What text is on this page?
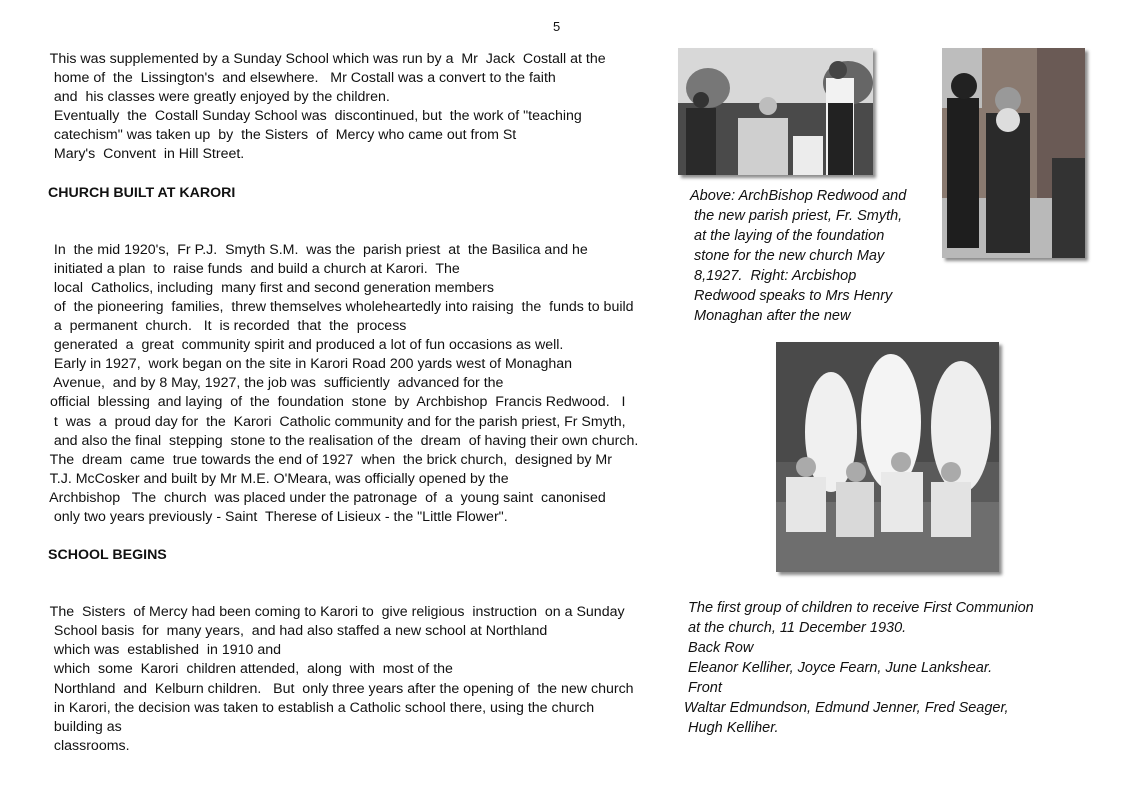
5
This was supplemented by a Sunday School which was run by a  Mr  Jack  Costall at the
home of  the  Lissington's  and elsewhere.   Mr Costall was a convert to the faith
and  his classes were greatly enjoyed by the children.
Eventually  the  Costall Sunday School was  discontinued, but  the work of "teaching
catechism" was taken up  by  the Sisters  of  Mercy who came out from St
Mary's  Convent  in Hill Street.
CHURCH BUILT AT KARORI
In  the mid 1920's,  Fr P.J.  Smyth S.M.  was the  parish priest  at  the Basilica and he
initiated a plan  to  raise funds  and build a church at Karori.  The
local  Catholics, including  many first and second generation members
of  the pioneering  families,  threw themselves wholeheartedly into raising  the  funds to build
a  permanent  church.   It  is recorded  that  the  process
generated  a  great  community spirit and produced a lot of fun occasions as well.
Early in 1927,  work began on the site in Karori Road 200 yards west of Monaghan
Avenue,  and by 8 May, 1927, the job was  sufficiently  advanced for the
official  blessing  and laying  of  the  foundation  stone  by  Archbishop  Francis Redwood.   I
t  was  a  proud day for  the  Karori  Catholic community and for the parish priest, Fr Smyth,
and also the final  stepping  stone to the realisation of the  dream  of having their own church.
The  dream  came  true towards the end of 1927  when  the brick church,  designed by Mr
T.J. McCosker and built by Mr M.E. O'Meara, was officially opened by the
Archbishop   The  church  was placed under the patronage  of  a  young saint  canonised
only two years previously - Saint  Therese of Lisieux - the "Little Flower".
SCHOOL BEGINS
The  Sisters  of Mercy had been coming to Karori to  give religious  instruction  on a Sunday
School basis  for  many years,  and had also staffed a new school at Northland
which was  established  in 1910 and
which  some  Karori  children attended,  along  with  most of the
Northland  and  Kelburn children.   But  only three years after the opening of  the new church
in Karori, the decision was taken to establish a Catholic school there, using the church
building as
classrooms.
Above: ArchBishop Redwood and
the new parish priest, Fr. Smyth,
at the laying of the foundation
stone for the new church May
8,1927.  Right: Arcbishop
Redwood speaks to Mrs Henry
Monaghan after the new
The first group of children to receive First Communion
at the church, 11 December 1930.
Back Row
Eleanor Kelliher, Joyce Fearn, June Lankshear.
Front
Waltar Edmundson, Edmund Jenner, Fred Seager,
Hugh Kelliher.
